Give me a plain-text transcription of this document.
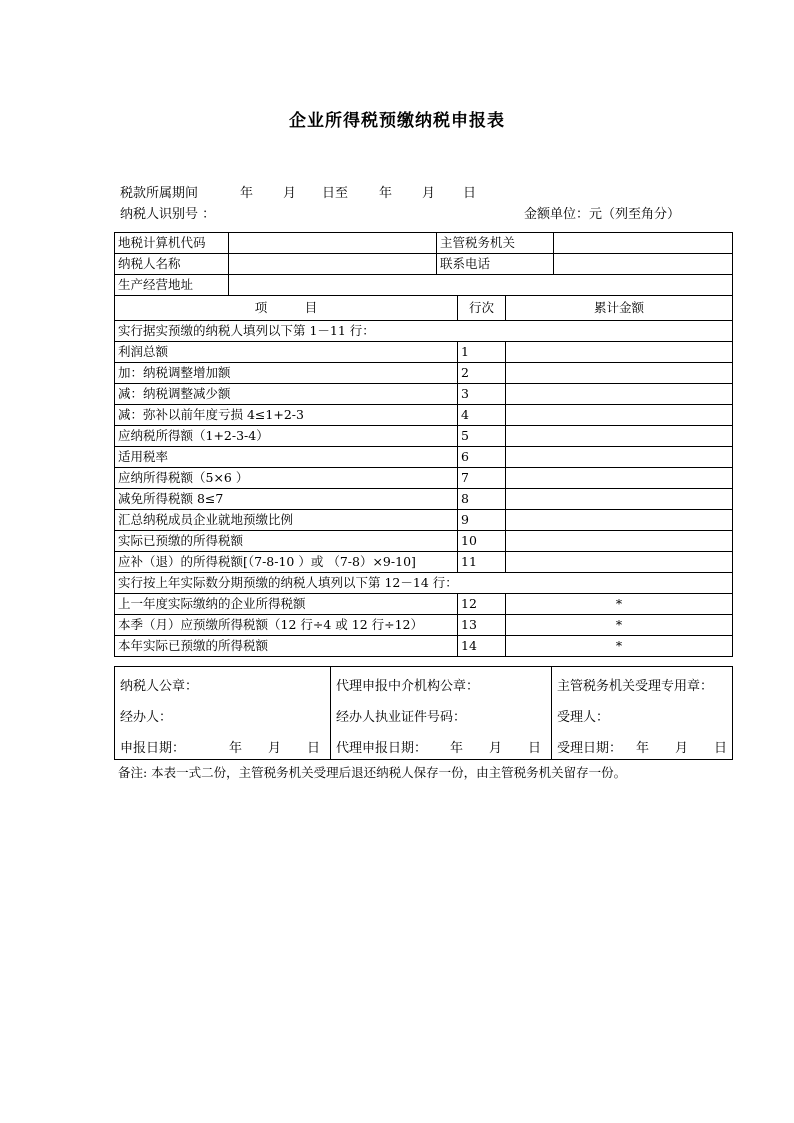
企业所得税预缴纳税申报表
税款所属期间	年 月 日至 年 月 日
纳税人识别号 ：	金额单位：元（列至角分）
地税计算机代码		主管税务机关			
纳税人名称		联系电话			
生产经营地址					
项　　　目			行次	累计金额	
实行据实预缴的纳税人填列以下第 1－11 行：					
利润总额			1		
加：纳税调整增加额			2		
减：纳税调整减少额			3		
减：弥补以前年度亏损 4≤1+2-3			4		
应纳税所得额（1+2-3-4）			5		
适用税率			6		
应纳所得税额（5×6 ）			7		
减免所得税额 8≤7			8		
汇总纳税成员企业就地预缴比例			9		
实际已预缴的所得税额			10		
应补（退）的所得税额[（7-8-10 ）或 （7-8）×9-10]			11		
实行按上年实际数分期预缴的纳税人填列以下第 12－14 行：					
上一年度实际缴纳的企业所得税额			12	*	
本季（月）应预缴所得税额（12 行÷4 或 12 行÷12）			13	*	
本年实际已预缴的所得税额			14	*	
纳税人公章：
经办人：
申报日期：	年　　月　　日

代理申报中介机构公章：
经办人执业证件号码：
代理申报日期： 年　　月　　日

主管税务机关受理专用章：
受理人：
受理日期： 年　　月　　日
备注: 本表一式二份，主管税务机关受理后退还纳税人保存一份，由主管税务机关留存一份。
